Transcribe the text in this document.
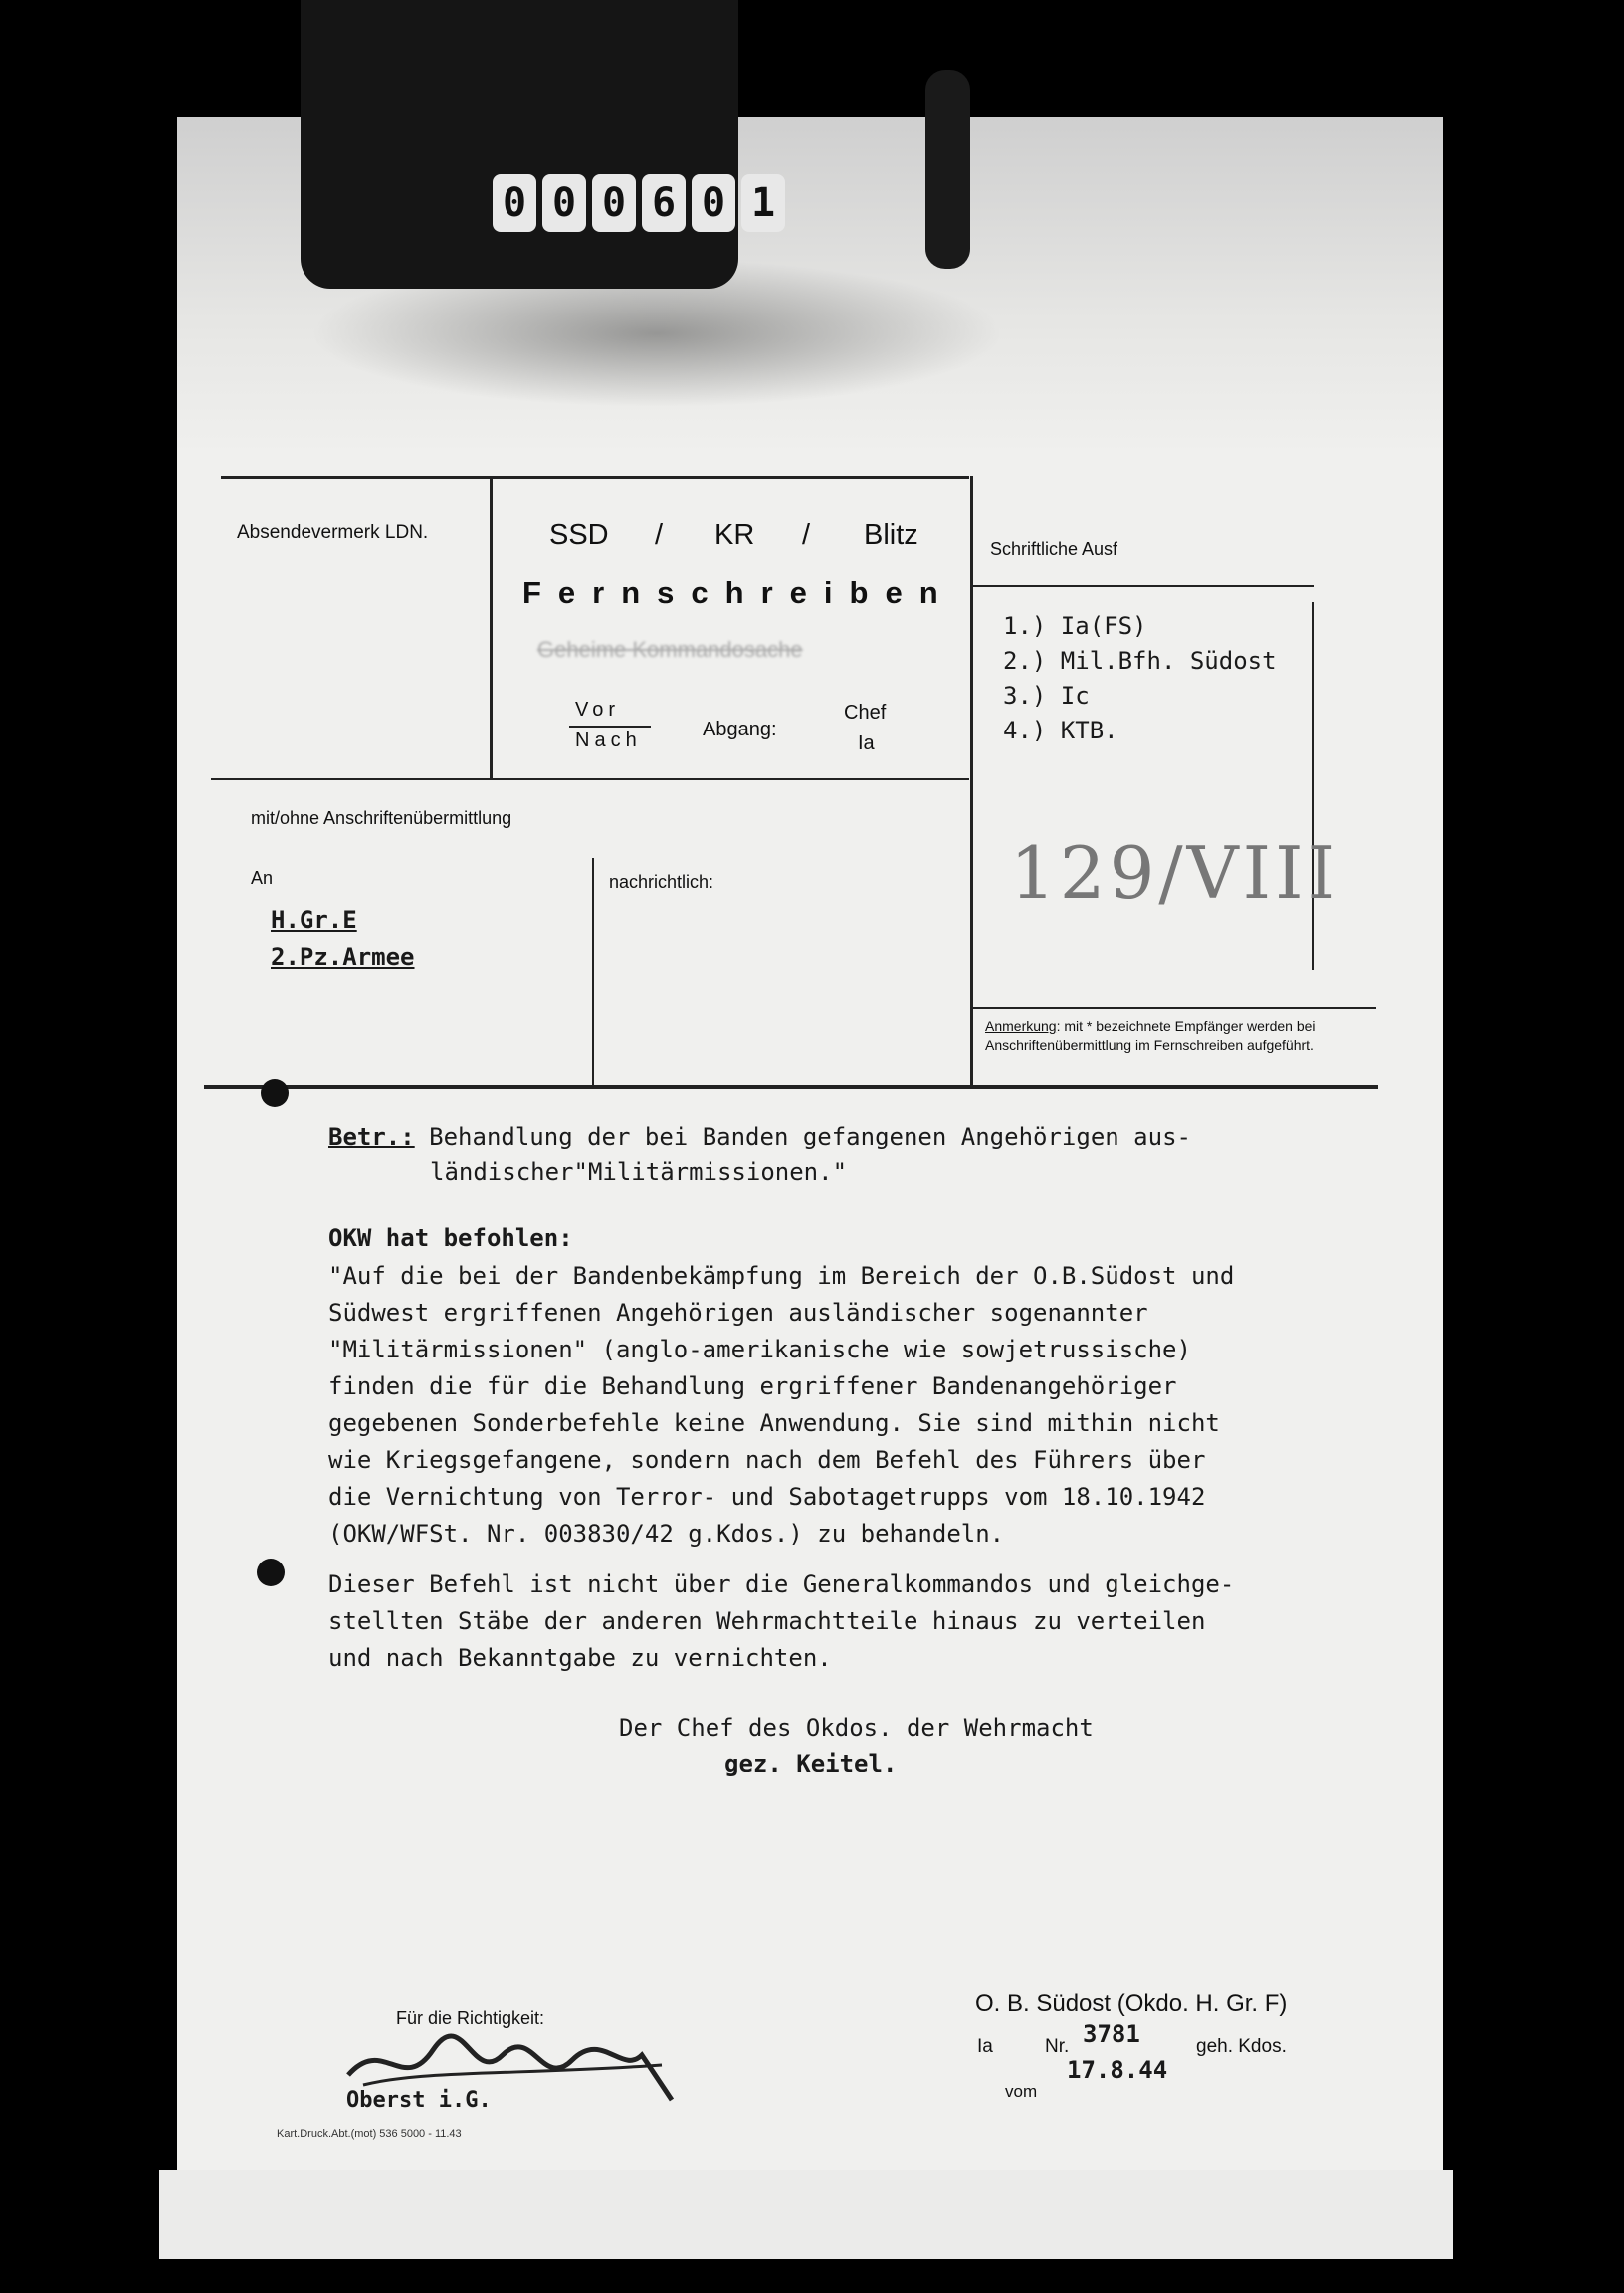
0 0 0 6 0 1
Absendevermerk LDN.	SSD / KR / Blitz
Fernschreiben
Geheime Kommandosache
Vor
Nach	Abgang:
Chef
Ia
Schriftliche Ausf
1.) Ia(FS)
2.) Mil.Bfh. Südost
3.) Ic
4.) KTB.
129/VIII
mit/ohne Anschriftenübermittlung
An	nachrichtlich:
H.Gr.E
2.Pz.Armee
Anmerkung: mit * bezeichnete Empfänger werden bei Anschriftenübermittlung im Fernschreiben aufgeführt.
Betr.: Behandlung der bei Banden gefangenen Angehörigen aus-
ländischer"Militärmissionen."
OKW hat befohlen:
"Auf die bei der Bandenbekämpfung im Bereich der O.B.Südost und
Südwest ergriffenen Angehörigen ausländischer sogenannter
"Militärmissionen" (anglo-amerikanische wie sowjetrussische)
finden die für die Behandlung ergriffener Bandenangehöriger
gegebenen Sonderbefehle keine Anwendung. Sie sind mithin nicht
wie Kriegsgefangene, sondern nach dem Befehl des Führers über
die Vernichtung von Terror- und Sabotagetrupps vom 18.10.1942
(OKW/WFSt. Nr. 003830/42 g.Kdos.) zu behandeln.
Dieser Befehl ist nicht über die Generalkommandos und gleichge-
stellten Stäbe der anderen Wehrmachtteile hinaus zu verteilen
und nach Bekanntgabe zu vernichten.
Der Chef des Okdos. der Wehrmacht
gez. Keitel.
Für die Richtigkeit:
Oberst i.G.
O. B. Südost (Okdo. H. Gr. F)
Ia	Nr. 3781	geh. Kdos.
17.8.44
vom
Kart.Druck.Abt.(mot) 536 5000 - 11.43
